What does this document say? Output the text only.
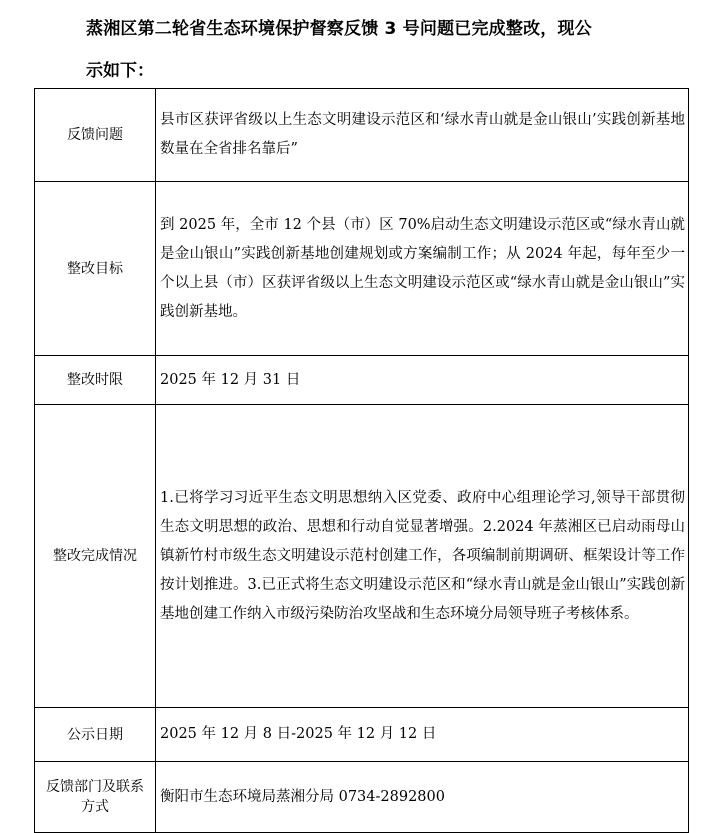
蒸湘区第二轮省生态环境保护督察反馈 3 号问题已完成整改，现公
示如下：
反馈问题	县市区获评省级以上生态文明建设示范区和‘绿水青山就是金山银山’实践创新基地数量在全省排名靠后”
整改目标	到 2025 年，全市 12 个县（市）区 70%启动生态文明建设示范区或“绿水青山就是金山银山”实践创新基地创建规划或方案编制工作；从 2024 年起，每年至少一个以上县（市）区获评省级以上生态文明建设示范区或“绿水青山就是金山银山”实践创新基地。
整改时限	2025 年 12 月 31 日
整改完成情况	1.已将学习习近平生态文明思想纳入区党委、政府中心组理论学习,领导干部贯彻生态文明思想的政治、思想和行动自觉显著增强。2.2024 年蒸湘区已启动雨母山镇新竹村市级生态文明建设示范村创建工作，各项编制前期调研、框架设计等工作按计划推进。3.已正式将生态文明建设示范区和“绿水青山就是金山银山”实践创新基地创建工作纳入市级污染防治攻坚战和生态环境分局领导班子考核体系。
公示日期	2025 年 12 月 8 日-2025 年 12 月 12 日
反馈部门及联系方式	衡阳市生态环境局蒸湘分局 0734-2892800
